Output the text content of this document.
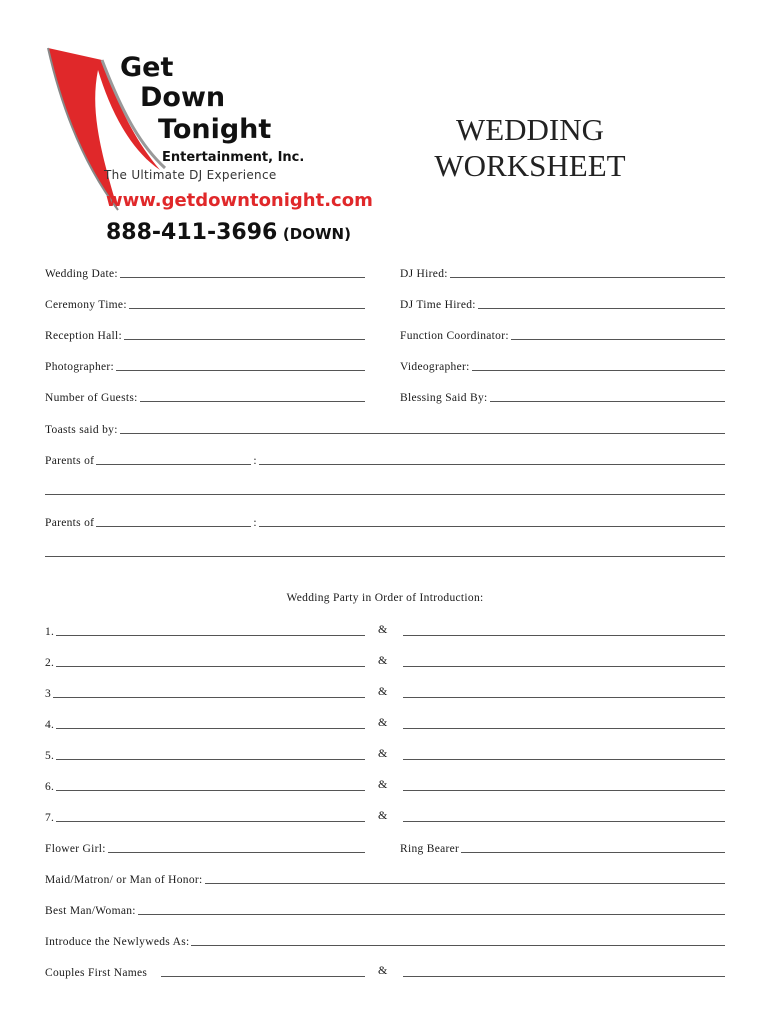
Get
Down
Tonight
Entertainment, Inc.
The Ultimate DJ Experience
www.getdowntonight.com
888-411-3696 (DOWN)
WEDDING
WORKSHEET
Wedding Date:	DJ Hired:
Ceremony Time:	DJ Time Hired:
Reception Hall:	Function Coordinator:
Photographer:	Videographer:
Number of Guests:	Blessing Said By:
Toasts said by:
Parents of	:
Parents of	:
Wedding Party in Order of Introduction:
1.	&
2.	&
3	&
4.	&
5.	&
6.	&
7.	&
Flower Girl:	Ring Bearer
Maid/Matron/ or Man of Honor:
Best Man/Woman:
Introduce the Newlyweds As:
Couples First Names	&
